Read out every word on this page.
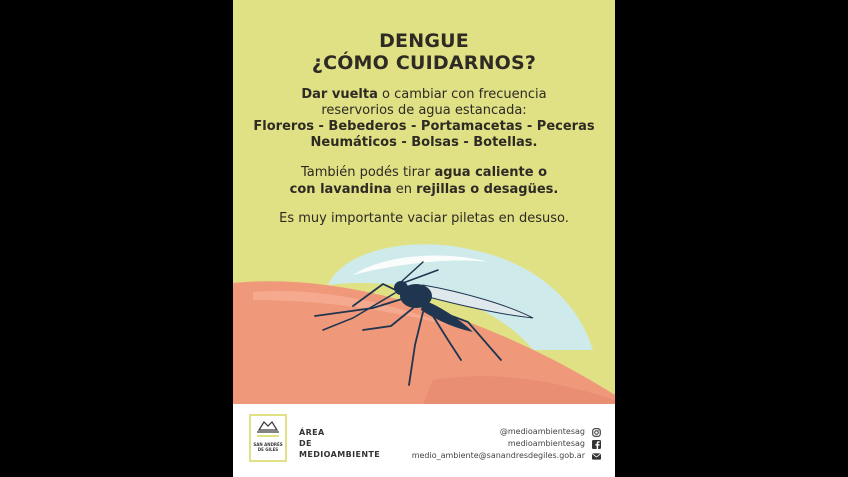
DENGUE
¿CÓMO CUIDARNOS?
Dar vuelta o cambiar con frecuencia
reservorios de agua estancada:
Floreros - Bebederos - Portamacetas - Peceras
Neumáticos - Bolsas - Botellas.
También podés tirar agua caliente o
con lavandina en rejillas o desagües.
Es muy importante vaciar piletas en desuso.
SAN ANDRÉS DE GILES
ÁREA
DE
MEDIOAMBIENTE
@medioambientesag
medioambientesag
medio_ambiente@sanandresdegiles.gob.ar
